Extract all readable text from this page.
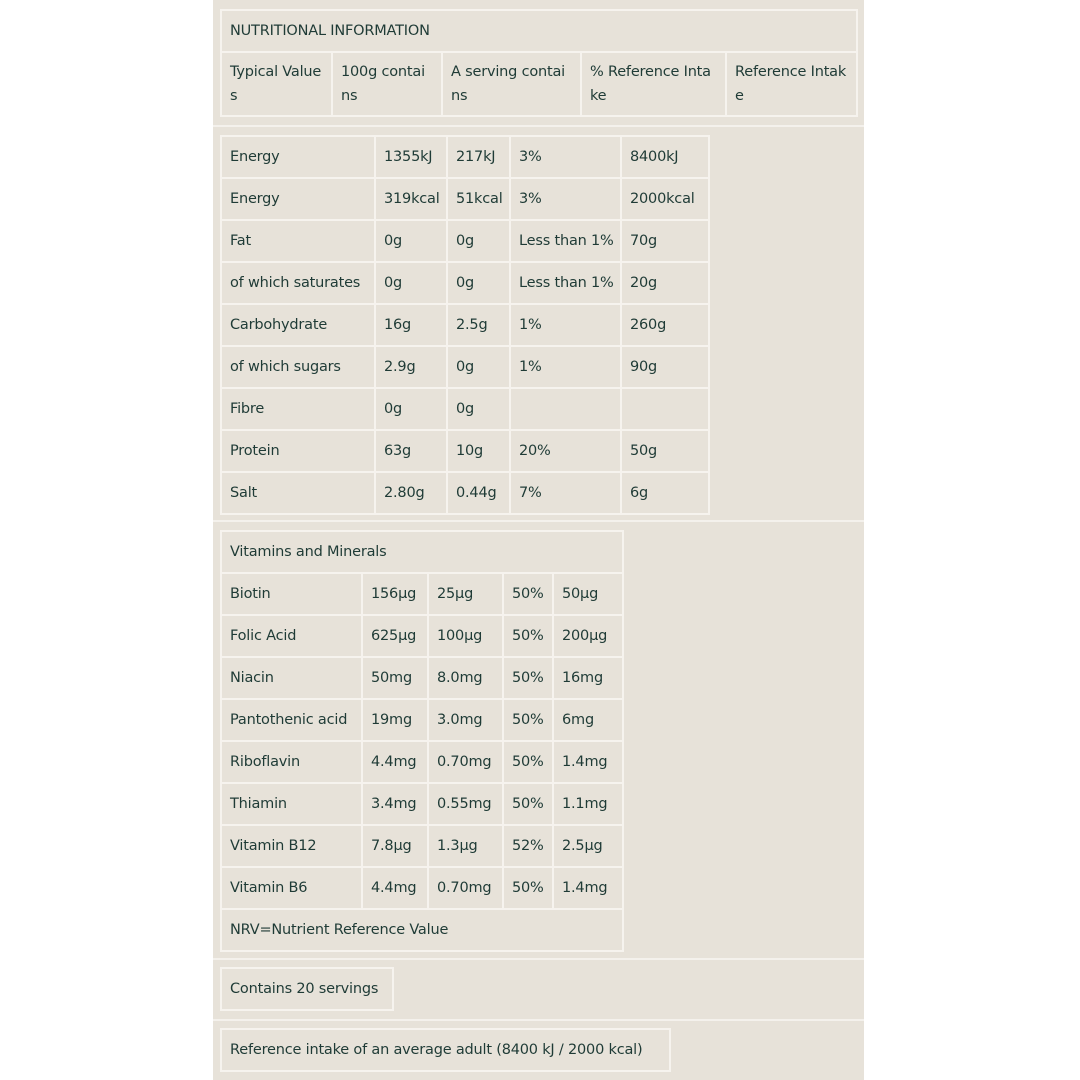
NUTRITIONAL INFORMATION
Typical Values	100g contains	A serving contains	% Reference Intake	Reference Intake
Energy	1355kJ	217kJ	3%	8400kJ
Energy	319kcal	51kcal	3%	2000kcal
Fat	0g	0g	Less than 1%	70g
of which saturates	0g	0g	Less than 1%	20g
Carbohydrate	16g	2.5g	1%	260g
of which sugars	2.9g	0g	1%	90g
Fibre	0g	0g		
Protein	63g	10g	20%	50g
Salt	2.80g	0.44g	7%	6g
Vitamins and Minerals				
Biotin	156µg	25µg	50%	50µg
Folic Acid	625µg	100µg	50%	200µg
Niacin	50mg	8.0mg	50%	16mg
Pantothenic acid	19mg	3.0mg	50%	6mg
Riboflavin	4.4mg	0.70mg	50%	1.4mg
Thiamin	3.4mg	0.55mg	50%	1.1mg
Vitamin B12	7.8µg	1.3µg	52%	2.5µg
Vitamin B6	4.4mg	0.70mg	50%	1.4mg
NRV=Nutrient Reference Value				
Contains 20 servings
Reference intake of an average adult (8400 kJ / 2000 kcal)
